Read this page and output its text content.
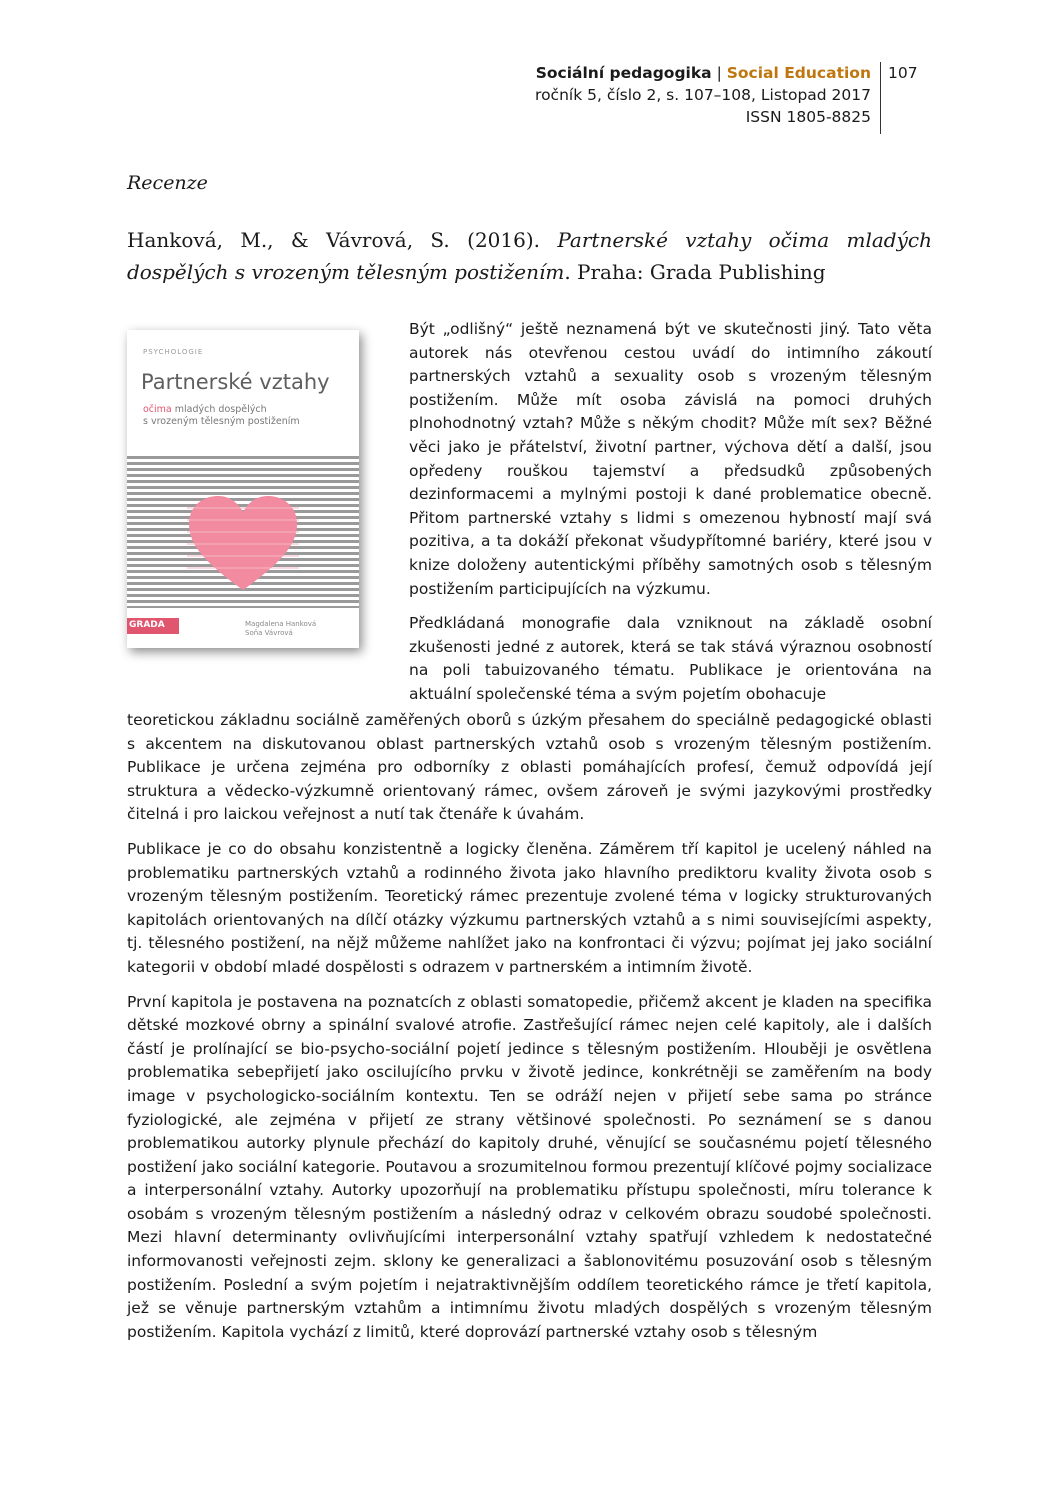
Sociální pedagogika | Social Education
ročník 5, číslo 2, s. 107–108, Listopad 2017
ISSN 1805-8825
107
Recenze
Hanková, M., & Vávrová, S. (2016). Partnerské vztahy očima mladých dospělých s vrozeným tělesným postižením. Praha: Grada Publishing
PSYCHOLOGIE
Partnerské vztahy
očima mladých dospělých
s vrozeným tělesným postižením
GRADA	Magdalena Hanková
Soňa Vávrová

Být „odlišný“ ještě neznamená být ve skutečnosti jiný. Tato věta autorek nás otevřenou cestou uvádí do intimního zákoutí partnerských vztahů a sexuality osob s vrozeným tělesným postižením. Může mít osoba závislá na pomoci druhých plnohodnotný vztah? Může s někým chodit? Může mít sex? Běžné věci jako je přátelství, životní partner, výchova dětí a další, jsou opředeny rouškou tajemství a předsudků způsobených dezinformacemi a mylnými postoji k dané problematice obecně. Přitom partnerské vztahy s lidmi s omezenou hybností mají svá pozitiva, a ta dokáží překonat všudypřítomné bariéry, které jsou v knize doloženy autentickými příběhy samotných osob s tělesným postižením participujících na výzkumu.

Předkládaná monografie dala vzniknout na základě osobní zkušenosti jedné z autorek, která se tak stává výraznou osobností na poli tabuizovaného tématu. Publikace je orientována na aktuální společenské téma a svým pojetím obohacuje

teoretickou základnu sociálně zaměřených oborů s úzkým přesahem do speciálně pedagogické oblasti s akcentem na diskutovanou oblast partnerských vztahů osob s vrozeným tělesným postižením. Publikace je určena zejména pro odborníky z oblasti pomáhajících profesí, čemuž odpovídá její struktura a vědecko-výzkumně orientovaný rámec, ovšem zároveň je svými jazykovými prostředky čitelná i pro laickou veřejnost a nutí tak čtenáře k úvahám.

Publikace je co do obsahu konzistentně a logicky členěna. Záměrem tří kapitol je ucelený náhled na problematiku partnerských vztahů a rodinného života jako hlavního prediktoru kvality života osob s vrozeným tělesným postižením. Teoretický rámec prezentuje zvolené téma v logicky strukturovaných kapitolách orientovaných na dílčí otázky výzkumu partnerských vztahů a s nimi souvisejícími aspekty, tj. tělesného postižení, na nějž můžeme nahlížet jako na konfrontaci či výzvu; pojímat jej jako sociální kategorii v období mladé dospělosti s odrazem v partnerském a intimním životě.

První kapitola je postavena na poznatcích z oblasti somatopedie, přičemž akcent je kladen na specifika dětské mozkové obrny a spinální svalové atrofie. Zastřešující rámec nejen celé kapitoly, ale i dalších částí je prolínající se bio-psycho-sociální pojetí jedince s tělesným postižením. Hlouběji je osvětlena problematika sebepřijetí jako oscilujícího prvku v životě jedince, konkrétněji se zaměřením na body image v psychologicko-sociálním kontextu. Ten se odráží nejen v přijetí sebe sama po stránce fyziologické, ale zejména v přijetí ze strany většinové společnosti. Po seznámení se s danou problematikou autorky plynule přechází do kapitoly druhé, věnující se současnému pojetí tělesného postižení jako sociální kategorie. Poutavou a srozumitelnou formou prezentují klíčové pojmy socializace a interpersonální vztahy. Autorky upozorňují na problematiku přístupu společnosti, míru tolerance k osobám s vrozeným tělesným postižením a následný odraz v celkovém obrazu soudobé společnosti. Mezi hlavní determinanty ovlivňujícími interpersonální vztahy spatřují vzhledem k nedostatečné informovanosti veřejnosti zejm. sklony ke generalizaci a šablonovitému posuzování osob s tělesným postižením. Poslední a svým pojetím i nejatraktivnějším oddílem teoretického rámce je třetí kapitola, jež se věnuje partnerským vztahům a intimnímu životu mladých dospělých s vrozeným tělesným postižením. Kapitola vychází z limitů, které doprovází partnerské vztahy osob s tělesným
